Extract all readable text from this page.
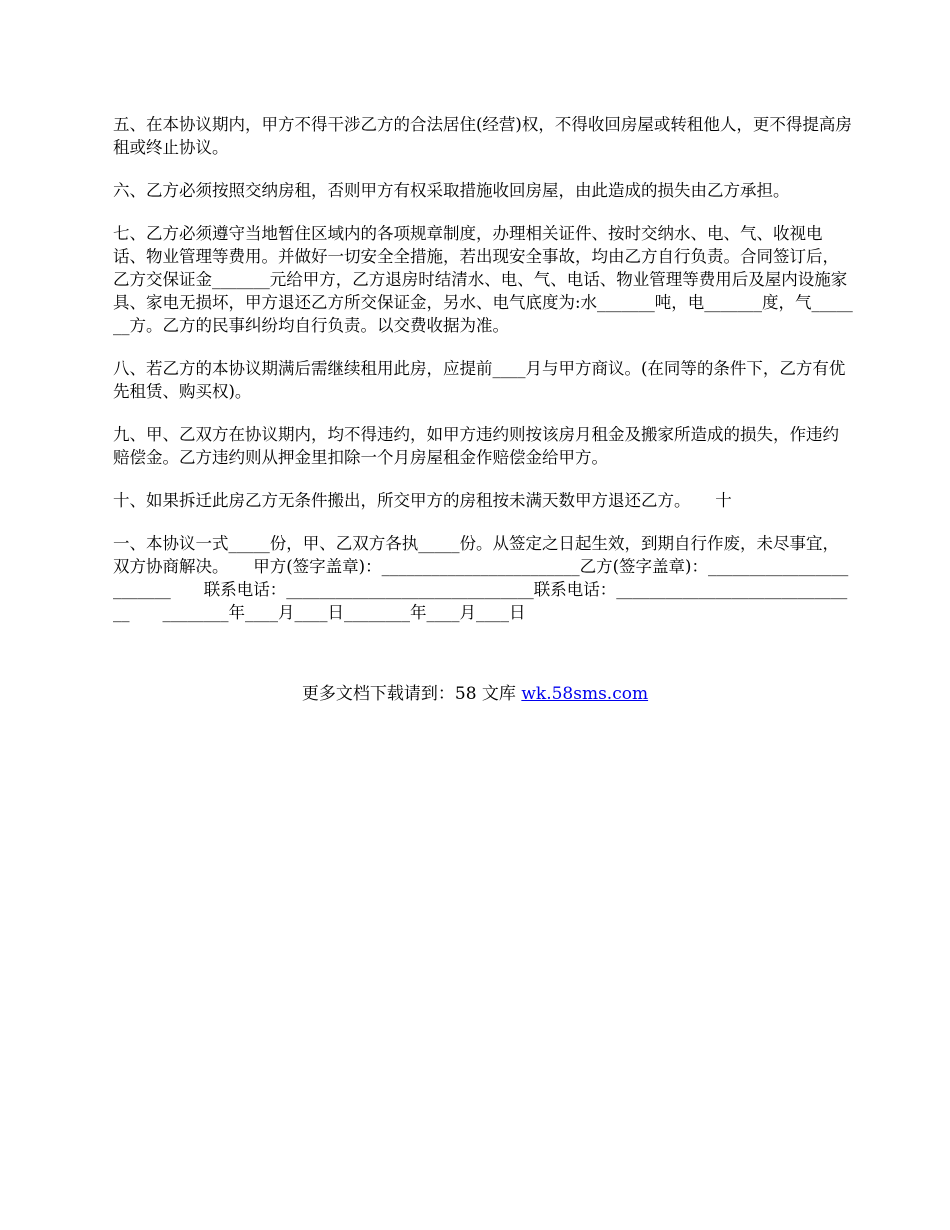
五、在本协议期内，甲方不得干涉乙方的合法居住(经营)权，不得收回房屋或转租他人，更不得提高房租或终止协议。

六、乙方必须按照交纳房租，否则甲方有权采取措施收回房屋，由此造成的损失由乙方承担。

七、乙方必须遵守当地暂住区域内的各项规章制度，办理相关证件、按时交纳水、电、气、收视电话、物业管理等费用。并做好一切安全全措施，若出现安全事故，均由乙方自行负责。合同签订后，乙方交保证金_______元给甲方，乙方退房时结清水、电、气、电话、物业管理等费用后及屋内设施家具、家电无损坏，甲方退还乙方所交保证金，另水、电气底度为:水_______吨，电_______度，气_______方。乙方的民事纠纷均自行负责。以交费收据为准。

八、若乙方的本协议期满后需继续租用此房，应提前____月与甲方商议。(在同等的条件下，乙方有优先租赁、购买权)。

九、甲、乙双方在协议期内，均不得违约，如甲方违约则按该房月租金及搬家所造成的损失，作违约赔偿金。乙方违约则从押金里扣除一个月房屋租金作赔偿金给甲方。

十、如果拆迁此房乙方无条件搬出，所交甲方的房租按未满天数甲方退还乙方。　　十

一、本协议一式_____份，甲、乙双方各执_____份。从签定之日起生效，到期自行作废，未尽事宜，双方协商解决。　　甲方(签字盖章)：________________________乙方(签字盖章)：________________________　　联系电话：______________________________联系电话：______________________________　　________年____月____日________年____月____日

更多文档下载请到：58 文库 wk.58sms.com
